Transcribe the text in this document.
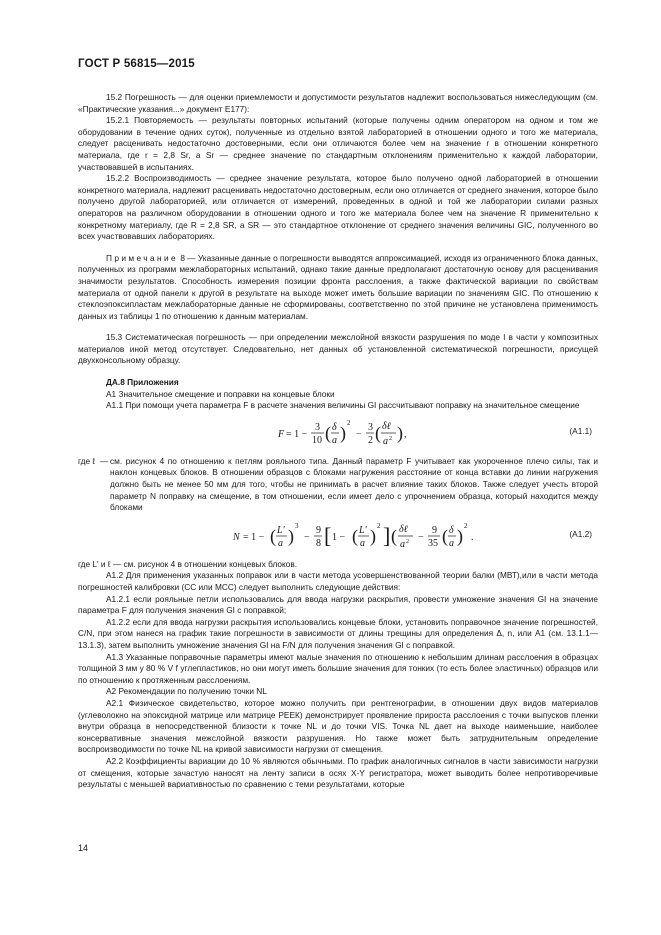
ГОСТ Р 56815—2015

15.2 Погрешность — для оценки приемлемости и допустимости результатов надлежит воспользоваться нижеследующим (см. «Практические указания...» документ Е177):

15.2.1 Повторяемость — результаты повторных испытаний (которые получены одним оператором на одном и том же оборудовании в течение одних суток), полученные из отдельно взятой лабораторией в отношении одного и того же материала, следует расценивать недостаточно достоверными, если они отличаются более чем на значение r в отношении конкретного материала, где r = 2,8 Sr, а Sr — среднее значение по стандартным отклонениям применительно к каждой лаборатории, участвовавшей в испытаниях.

15.2.2 Воспроизводимость — среднее значение результата, которое было получено одной лабораторией в отношении конкретного материала, надлежит расценивать недостаточно достоверным, если оно отличается от среднего значения, которое было получено другой лабораторией, или отличается от измерений, проведенных в одной и той же лаборатории силами разных операторов на различном оборудовании в отношении одного и того же материала более чем на значение R применительно к конкретному материалу, где R = 2,8 SR, а SR — это стандартное отклонение от среднего значения величины GIC, полученного во всех участвовавших лабораториях.

Примечание 8 — Указанные данные о погрешности выводятся аппроксимацией, исходя из ограниченного блока данных, полученных из программ межлабораторных испытаний, однако такие данные предполагают достаточную основу для расценивания значимости результатов. Способность измерения позиции фронта расслоения, а также фактической вариации по свойствам материала от одной панели к другой в результате на выходе может иметь большие вариации по значениям GIC. По отношению к стеклоэпоксипластам межлабораторные данные не сформированы, соответственно по этой причине не установлена применимость данных из таблицы 1 по отношению к данным материалам.

15.3 Систематическая погрешность — при определении межслойной вязкости разрушения по моде I в части у композитных материалов иной метод отсутствует. Следовательно, нет данных об установленной систематической погрешности, присущей двухконсольному образцу.

ДА.8 Приложения

А1 Значительное смещение и поправки на концевые блоки

А1.1 При помощи учета параметра F в расчете значения величины GI рассчитывают поправку на значительное смещение

F = 1 −
3
10 ( δ
a ) 2
−
3
2 ( δℓ
a 2 ) ,	(А1.1)
где ℓ — см. рисунок 4 по отношению к петлям рояльного типа. Данный параметр F учитывает как укороченное плечо силы, так и наклон концевых блоков. В отношении образцов с блоками нагружения расстояние от конца вставки до линии нагружения должно быть не менее 50 мм для того, чтобы не принимать в расчет влияние таких блоков. Также следует учесть второй параметр N поправку на смещение, в том отношении, если имеет дело с упрочнением образца, который находится между блоками
N = 1 − ( L'
a ) 3
−
9
8 [ 1 − ( L'
a ) 2 ] ( δℓ
a 2 −
9
35 ( δ
a ) 2
.	(А1.2)

где L' и ℓ — см. рисунок 4 в отношении концевых блоков.

А1.2 Для применения указанных поправок или в части метода усовершенствованной теории балки (МВТ),или в части метода погрешностей калибровки (СС или МСС) следует выполнить следующие действия:

А1.2.1 если рояльные петли использовались для ввода нагрузки раскрытия, провести умножение значения GI на значение параметра F для получения значения GI с поправкой;

А1.2.2 если для ввода нагрузки раскрытия использовались концевые блоки, установить поправочное значение погрешностей, C/N, при этом нанеся на график такие погрешности в зависимости от длины трещины для определения Δ, n, или A1 (см. 13.1.1—13.1.3), затем выполнить умножение значения GI на F/N для получения значения GI с поправкой.

А1.3 Указанные поправочные параметры имеют малые значения по отношению к небольшим длинам расслоения в образцах толщиной 3 мм у 80 % V f углепластиков, но они могут иметь большие значения для тонких (то есть более эластичных) образцов или по отношению к протяженным расслоениям.

А2 Рекомендации по получению точки NL

А2.1 Физическое свидетельство, которое можно получить при рентгенографии, в отношении двух видов материалов (углеволокно на эпоксидной матрице или матрице РЕЕК) демонстрирует проявление прироста расслоения с точки выпусков пленки внутри образца в непосредственной близости к точке NL и до точки VIS. Точка NL дает на выходе наименьшие, наиболее консервативные значения межслойной вязкости разрушения. Но также может быть затруднительным определение воспроизводимости по точке NL на кривой зависимости нагрузки от смещения.

А2.2 Коэффициенты вариации до 10 % являются обычными. По график аналогичных сигналов в части зависимости нагрузки от смещения, которые зачастую наносят на ленту записи в осях X-Y регистратора, может выводить более непротиворечивые результаты с меньшей вариативностью по сравнению с теми результатами, которые

14
